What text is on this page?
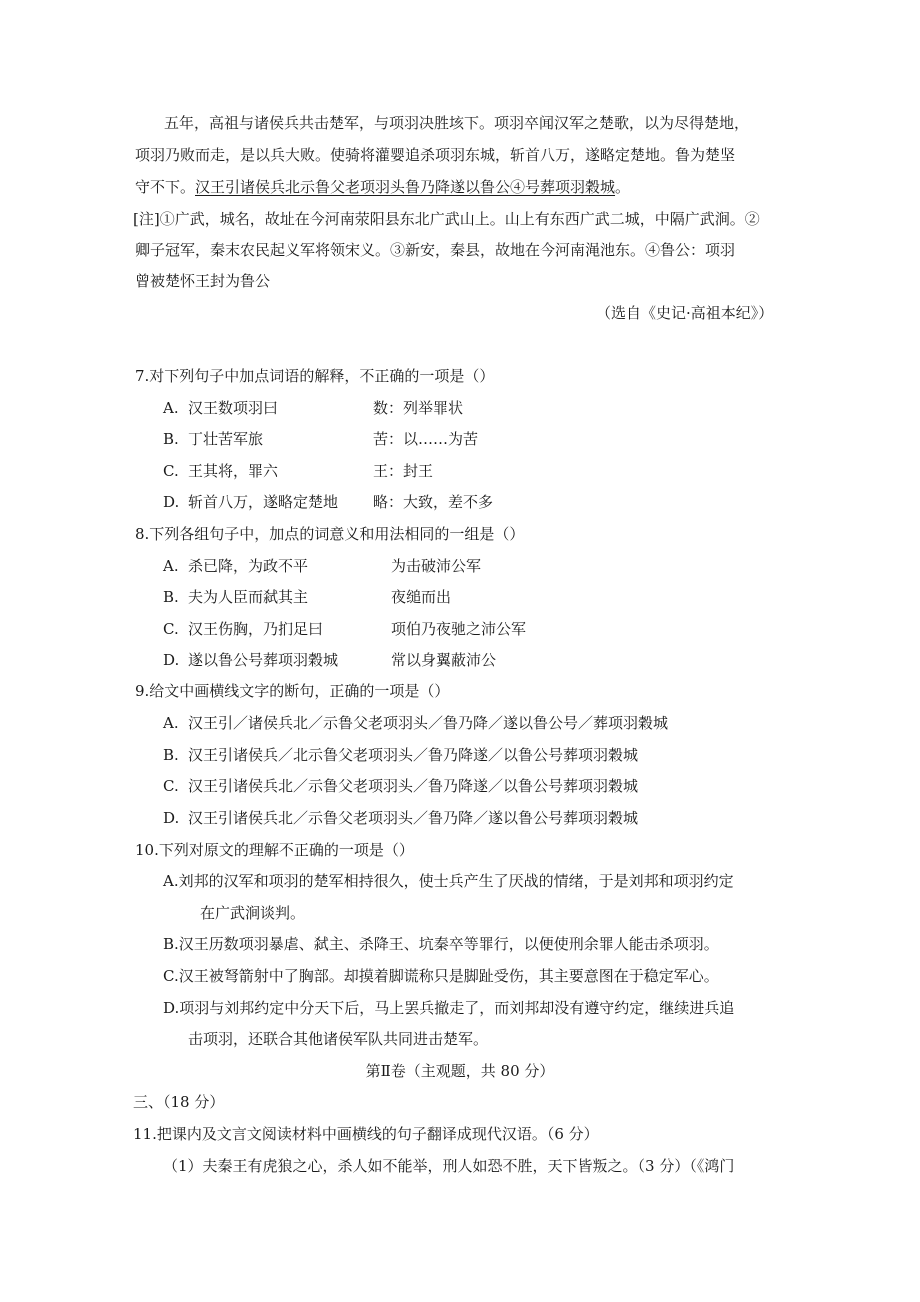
五年，高祖与诸侯兵共击楚军，与项羽决胜垓下。项羽卒闻汉军之楚歌，以为尽得楚地，
项羽乃败而走，是以兵大败。使骑将灌婴追杀项羽东城，斩首八万，遂略定楚地。鲁为楚坚
守不下。汉王引诸侯兵北示鲁父老项羽头鲁乃降遂以鲁公④号葬项羽穀城。
[注]①广武，城名，故址在今河南荥阳县东北广武山上。山上有东西广武二城，中隔广武涧。②
卿子冠军，秦末农民起义军将领宋义。③新安，秦县，故地在今河南渑池东。④鲁公：项羽
曾被楚怀王封为鲁公
（选自《史记·高祖本纪》）
7.对下列句子中加点词语的解释，不正确的一项是（）
A. 汉王数项羽曰	数：列举罪状
B. 丁壮苦军旅	苦：以……为苦
C. 王其将，罪六	王：封王
D. 斩首八万，遂略定楚地 略：大致，差不多
8.下列各组句子中，加点的词意义和用法相同的一组是（）
A. 杀已降，为政不平	为击破沛公军
B. 夫为人臣而弑其主	夜缒而出
C. 汉王伤胸，乃扪足曰	项伯乃夜驰之沛公军
D. 遂以鲁公号葬项羽穀城	常以身翼蔽沛公
9.给文中画横线文字的断句，正确的一项是（）
A. 汉王引／诸侯兵北／示鲁父老项羽头／鲁乃降／遂以鲁公号／葬项羽穀城
B. 汉王引诸侯兵／北示鲁父老项羽头／鲁乃降遂／以鲁公号葬项羽穀城
C. 汉王引诸侯兵北／示鲁父老项羽头／鲁乃降遂／以鲁公号葬项羽穀城
D. 汉王引诸侯兵北／示鲁父老项羽头／鲁乃降／遂以鲁公号葬项羽穀城
10.下列对原文的理解不正确的一项是（）
A.刘邦的汉军和项羽的楚军相持很久，使士兵产生了厌战的情绪，于是刘邦和项羽约定
在广武涧谈判。
B.汉王历数项羽暴虐、弑主、杀降王、坑秦卒等罪行，以便使刑余罪人能击杀项羽。
C.汉王被弩箭射中了胸部。却摸着脚谎称只是脚趾受伤，其主要意图在于稳定军心。
D.项羽与刘邦约定中分天下后，马上罢兵撤走了，而刘邦却没有遵守约定，继续进兵追
击项羽，还联合其他诸侯军队共同进击楚军。
第Ⅱ卷（主观题，共 80 分）
三、（18 分）
11.把课内及文言文阅读材料中画横线的句子翻译成现代汉语。（6 分）
（1）夫秦王有虎狼之心，杀人如不能举，刑人如恐不胜，天下皆叛之。（3 分）（《鸿门
